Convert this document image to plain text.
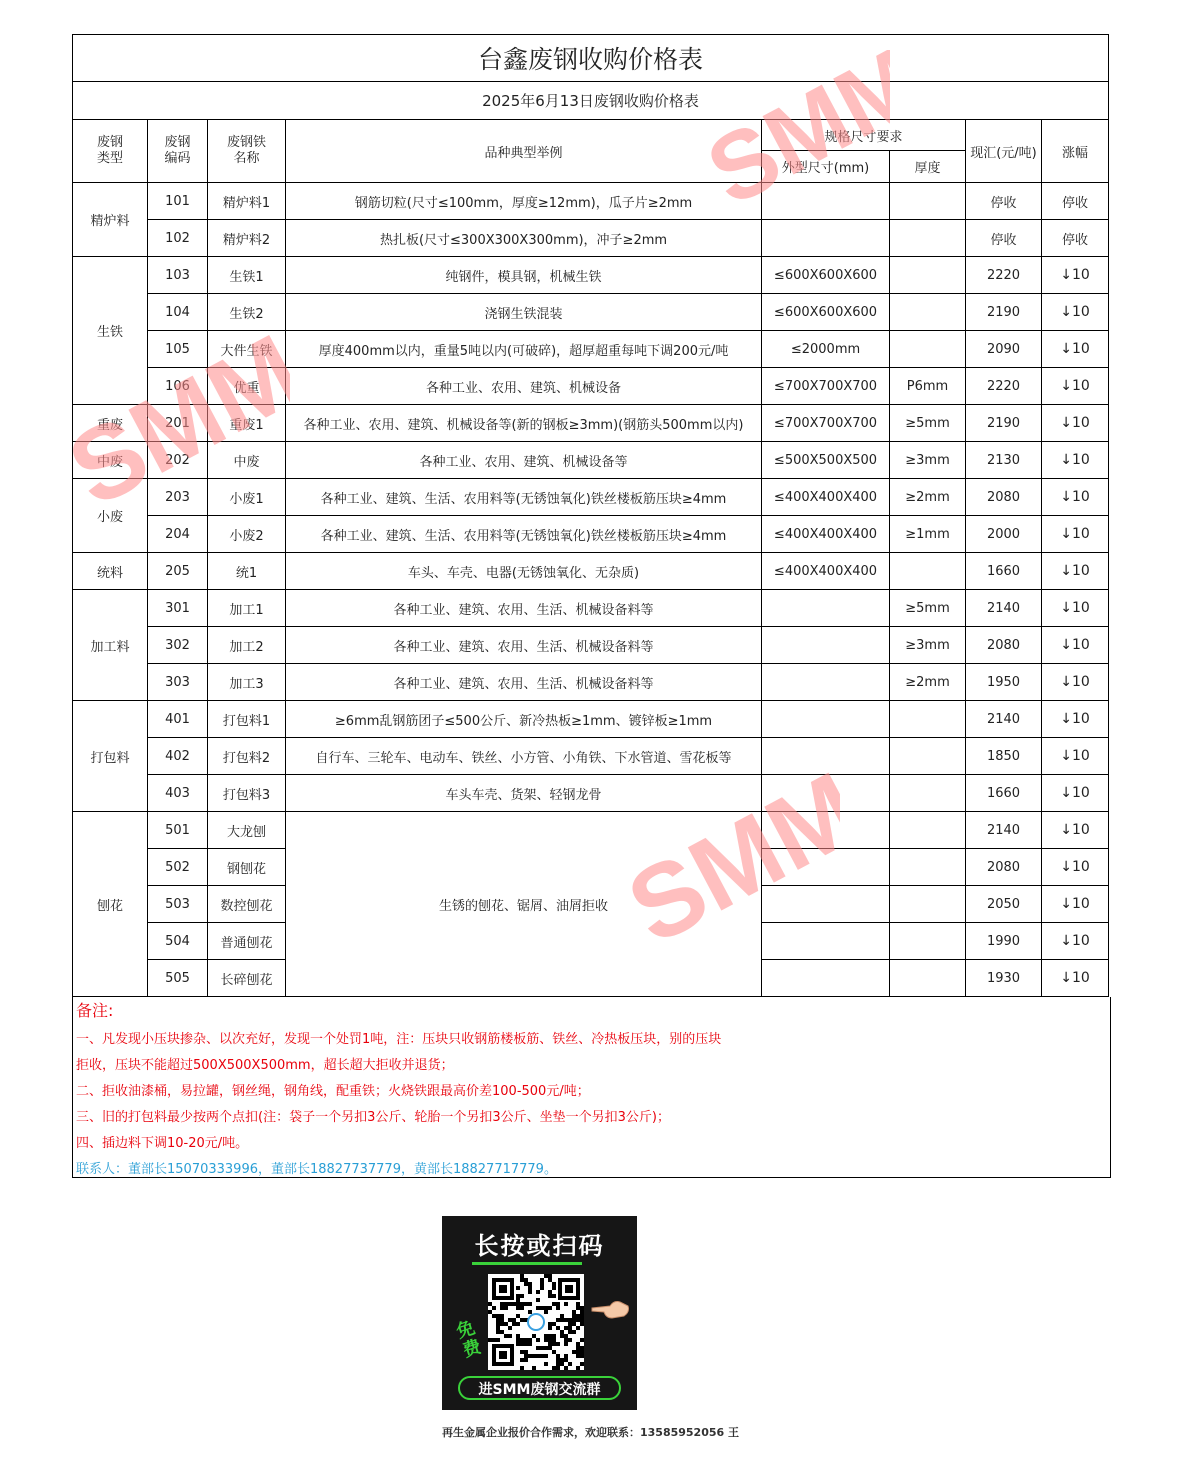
台鑫废钢收购价格表							
2025年6月13日废钢收购价格表							

废钢类型	废钢编码	废钢铁名称	品种典型举例	规格尺寸要求		现汇(元/吨)	涨幅
				外型尺寸(mm)	厚度		
精炉料	101	精炉料1	钢筋切粒(尺寸≤100mm，厚度≥12mm)，瓜子片≥2mm			停收	停收
	102	精炉料2	热扎板(尺寸≤300X300X300mm)，冲子≥2mm			停收	停收
生铁	103	生铁1	纯钢件，模具钢，机械生铁	≤600X600X600		2220	↓10
	104	生铁2	浇钢生铁混装	≤600X600X600		2190	↓10
	105	大件生铁	厚度400mm以内，重量5吨以内(可破碎)，超厚超重每吨下调200元/吨	≤2000mm		2090	↓10
	106	优重	各种工业、农用、建筑、机械设备	≤700X700X700	P6mm	2220	↓10
重废	201	重废1	各种工业、农用、建筑、机械设备等(新的钢板≥3mm)(钢筋头500mm以内)	≤700X700X700	≥5mm	2190	↓10
中废	202	中废	各种工业、农用、建筑、机械设备等	≤500X500X500	≥3mm	2130	↓10
小废	203	小废1	各种工业、建筑、生活、农用料等(无锈蚀氧化)铁丝楼板筋压块≥4mm	≤400X400X400	≥2mm	2080	↓10
	204	小废2	各种工业、建筑、生活、农用料等(无锈蚀氧化)铁丝楼板筋压块≥4mm	≤400X400X400	≥1mm	2000	↓10
统料	205	统1	车头、车壳、电器(无锈蚀氧化、无杂质)	≤400X400X400		1660	↓10
加工料	301	加工1	各种工业、建筑、农用、生活、机械设备料等		≥5mm	2140	↓10
	302	加工2	各种工业、建筑、农用、生活、机械设备料等		≥3mm	2080	↓10
	303	加工3	各种工业、建筑、农用、生活、机械设备料等		≥2mm	1950	↓10
打包料	401	打包料1	≥6mm乱钢筋团子≤500公斤、新冷热板≥1mm、镀锌板≥1mm			2140	↓10
	402	打包料2	自行车、三轮车、电动车、铁丝、小方管、小角铁、下水管道、雪花板等			1850	↓10
	403	打包料3	车头车壳、货架、轻钢龙骨			1660	↓10
刨花	501	大龙刨	生锈的刨花、锯屑、油屑拒收			2140	↓10
	502	钢刨花				2080	↓10
	503	数控刨花				2050	↓10
	504	普通刨花				1990	↓10
	505	长碎刨花				1930	↓10
备注:
一、凡发现小压块掺杂、以次充好，发现一个处罚1吨，注：压块只收钢筋楼板筋、铁丝、冷热板压块，别的压块
拒收，压块不能超过500X500X500mm，超长超大拒收并退货；
二、拒收油漆桶，易拉罐，钢丝绳，钢角线，配重铁；火烧铁跟最高价差100-500元/吨；
三、旧的打包料最少按两个点扣(注：袋子一个另扣3公斤、轮胎一个另扣3公斤、坐垫一个另扣3公斤)；
四、插边料下调10-20元/吨。
联系人：董部长15070333996，董部长18827737779，黄部长18827717779。
SMM
SMM
SMM
长按或扫码
免费
进SMM废钢交流群
再生金属企业报价合作需求，欢迎联系：13585952056 王
